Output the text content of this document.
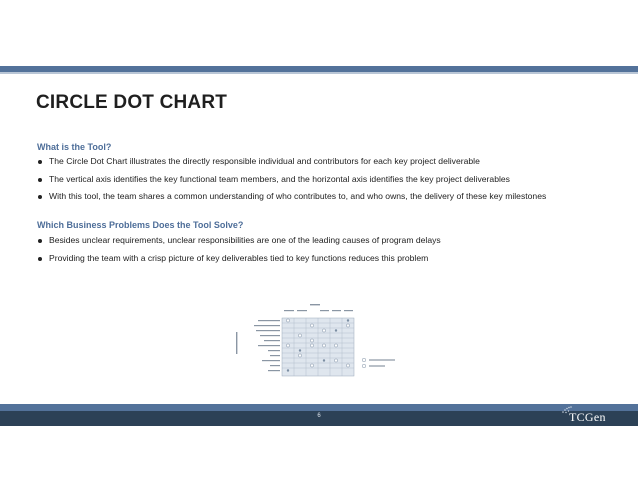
CIRCLE DOT CHART
What is the Tool?
The Circle Dot Chart illustrates the directly responsible individual and contributors for each key project deliverable
The vertical axis identifies the key functional team members, and the horizontal axis identifies the key project deliverables
With this tool, the team shares a common understanding of who contributes to, and who owns, the delivery of these key milestones
Which Business Problems Does the Tool Solve?
Besides unclear requirements, unclear responsibilities are one of the leading causes of program delays
Providing the team with a crisp picture of key deliverables tied to key functions reduces this problem
6	TCGen
